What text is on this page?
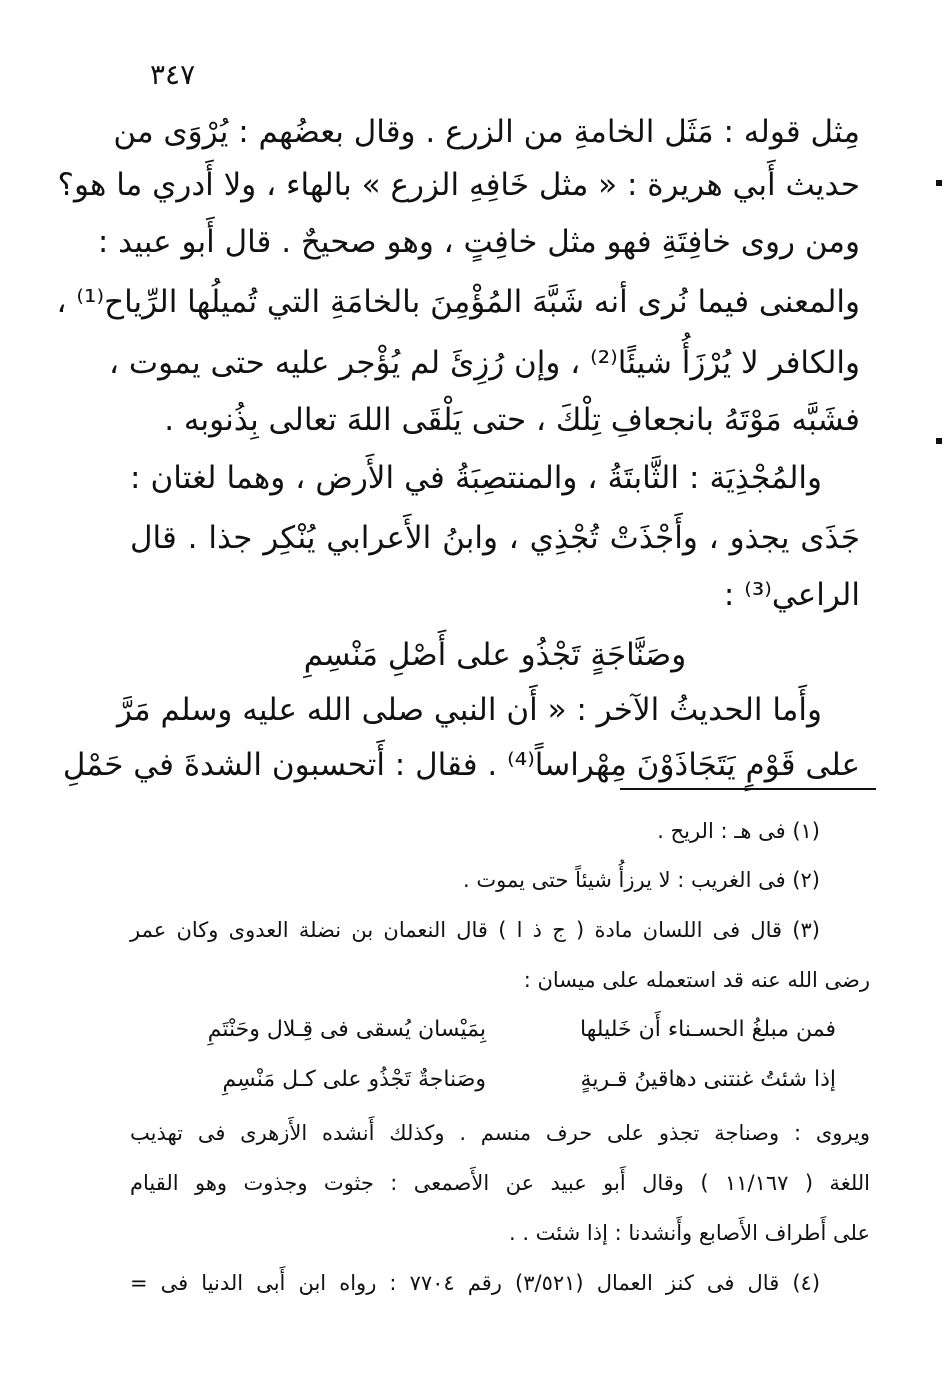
٣٤٧
مِثل قوله : مَثَل الخامةِ من الزرع . وقال بعضُهم : يُرْوَى من
حديث أَبي هريرة : « مثل خَافِهِ الزرع » بالهاء ، ولا أَدري ما هو؟
ومن روى خافِتَةِ فهو مثل خافِتٍ ، وهو صحيحٌ . قال أَبو عبيد :
والمعنى فيما نُرى أنه شَبَّهَ المُؤْمِنَ بالخامَةِ التي تُميلُها الرِّياح⁽¹⁾ ،
والكافر لا يُرْزَأُ شيئًا⁽²⁾ ، وإن رُزِئَ لم يُؤْجر عليه حتى يموت ،
فشَبَّه مَوْتَهُ بانجعافِ تِلْكَ ، حتى يَلْقَى اللهَ تعالى بِذُنوبه .
والمُجْذِيَة : الثَّابتَةُ ، والمنتصِبَةُ في الأَرض ، وهما لغتان :
جَذَى يجذو ، وأَجْذَتْ تُجْذِي ، وابنُ الأَعرابي يُنْكِر جذا . قال
الراعي⁽³⁾ :
وصَنَّاجَةٍ تَجْذُو على أَصْلِ مَنْسِمِ
وأَما الحديثُ الآخر : « أَن النبي صلى الله عليه وسلم مَرَّ
على قَوْمٍ يَتَجَاذَوْنَ مِهْراساً⁽⁴⁾ . فقال : أَتحسبون الشدةَ في حَمْلِ
(١) فى هـ : الريح .
(٢) فى الغريب : لا يرزأُ شيئاً حتى يموت .
(٣) قال فى اللسان مادة ( ج ذ ا ) قال النعمان بن نضلة العدوى وكان عمر
رضى الله عنه قد استعمله على ميسان :
فمن مبلغُ الحسـناء أَن خَليلها
بِمَيْسان يُسقى فى قِـلال وحَنْتَمِ
إذا شئتُ غنتنى دهاقينُ قـريةٍ
وصَناجةٌ تَجْذُو على كـل مَنْسِمِ
ويروى : وصناجة تجذو على حرف منسم . وكذلك أَنشده الأَزهرى فى تهذيب
اللغة ( ١١/١٦٧ ) وقال أَبو عبيد عن الأَصمعى : جثوت وجذوت وهو القيام
على أَطراف الأَصابع وأَنشدنا : إذا شئت . .
(٤) قال فى كنز العمال (٣/٥٢١) رقم ٧٧٠٤ : رواه ابن أَبى الدنيا فى =
